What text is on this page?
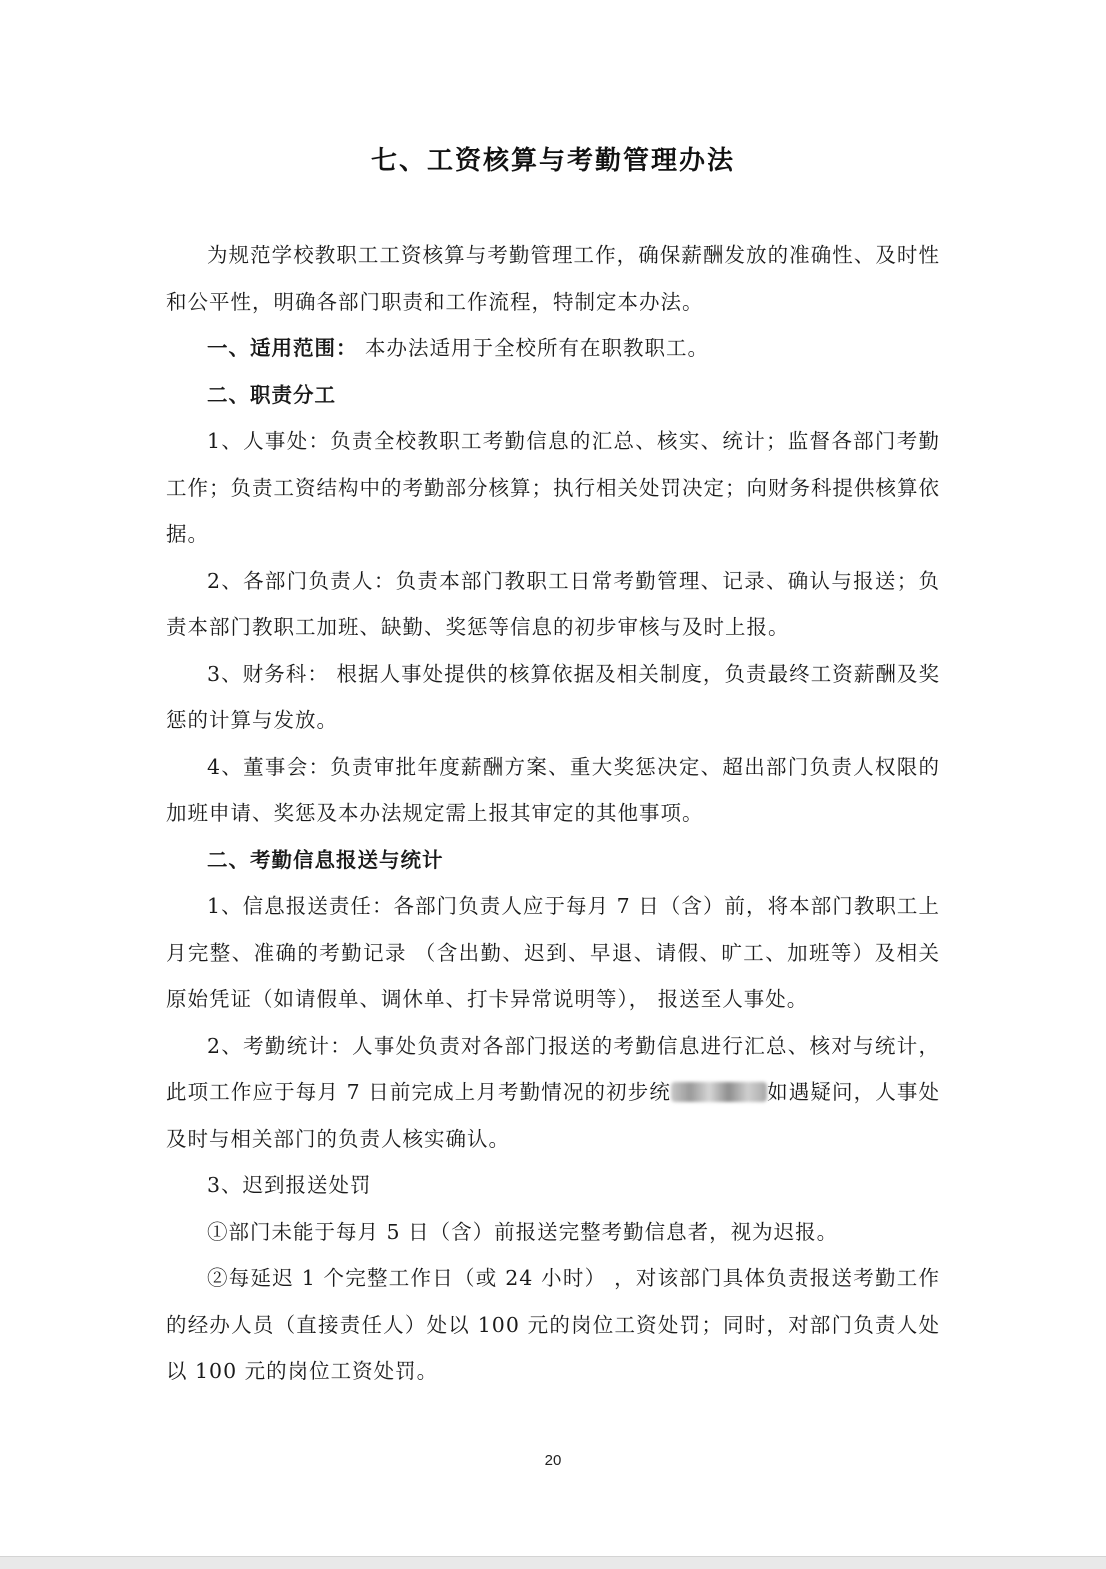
七、工资核算与考勤管理办法

为规范学校教职工工资核算与考勤管理工作，确保薪酬发放的准确性、及时性和公平性，明确各部门职责和工作流程，特制定本办法。

一、适用范围： 本办法适用于全校所有在职教职工。

二、职责分工

1、人事处：负责全校教职工考勤信息的汇总、核实、统计；监督各部门考勤工作；负责工资结构中的考勤部分核算；执行相关处罚决定；向财务科提供核算依据。

2、各部门负责人：负责本部门教职工日常考勤管理、记录、确认与报送；负责本部门教职工加班、缺勤、奖惩等信息的初步审核与及时上报。

3、财务科： 根据人事处提供的核算依据及相关制度，负责最终工资薪酬及奖惩的计算与发放。

4、董事会：负责审批年度薪酬方案、重大奖惩决定、超出部门负责人权限的加班申请、奖惩及本办法规定需上报其审定的其他事项。

二、考勤信息报送与统计

1、信息报送责任：各部门负责人应于每月 7 日（含）前，将本部门教职工上月完整、准确的考勤记录 （含出勤、迟到、早退、请假、旷工、加班等）及相关原始凭证（如请假单、调休单、打卡异常说明等）， 报送至人事处。

2、考勤统计：人事处负责对各部门报送的考勤信息进行汇总、核对与统计，此项工作应于每月 7 日前完成上月考勤情况的初步统	如遇疑问，人事处及时与相关部门的负责人核实确认。

3、迟到报送处罚

①部门未能于每月 5 日（含）前报送完整考勤信息者，视为迟报。

②每延迟 1 个完整工作日（或 24 小时） ，对该部门具体负责报送考勤工作的经办人员（直接责任人）处以 100 元的岗位工资处罚；同时，对部门负责人处以 100 元的岗位工资处罚。

20
